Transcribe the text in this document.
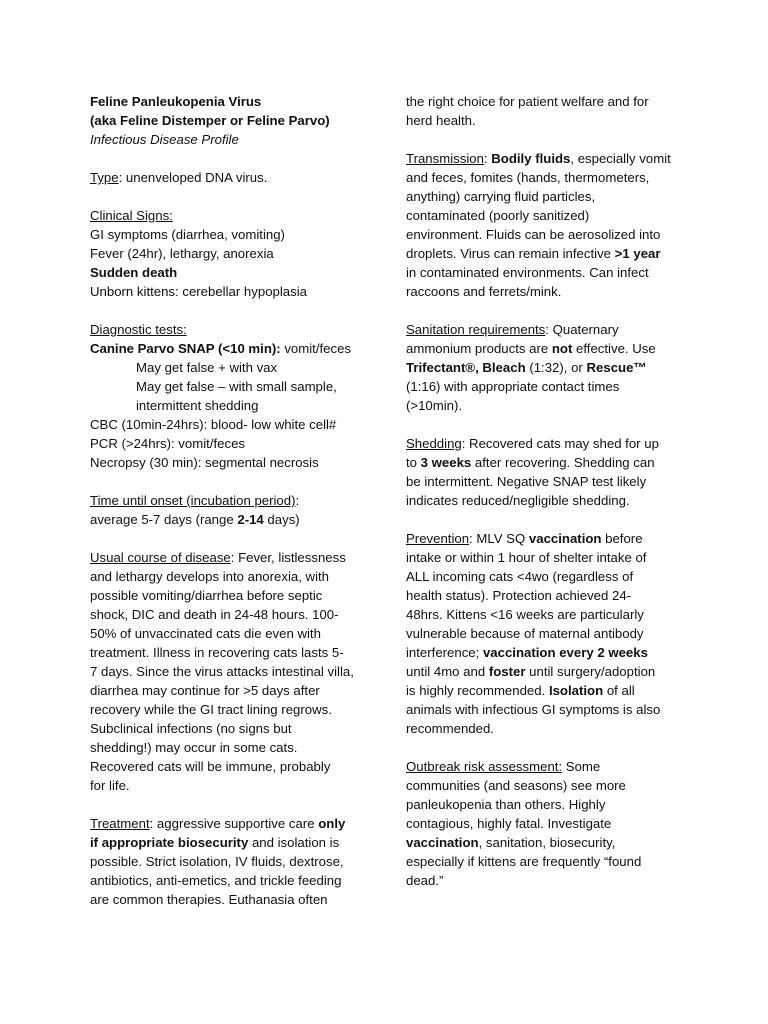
Feline Panleukopenia Virus
(aka Feline Distemper or Feline Parvo)
Infectious Disease Profile
Type: unenveloped DNA virus.
Clinical Signs:
GI symptoms (diarrhea, vomiting)
Fever (24hr), lethargy, anorexia
Sudden death
Unborn kittens: cerebellar hypoplasia
Diagnostic tests:
Canine Parvo SNAP (<10 min): vomit/feces
May get false + with vax
May get false – with small sample,
intermittent shedding
CBC (10min-24hrs): blood- low white cell#
PCR (>24hrs): vomit/feces
Necropsy (30 min): segmental necrosis
Time until onset (incubation period):
average 5-7 days (range 2-14 days)
Usual course of disease: Fever, listlessness
and lethargy develops into anorexia, with
possible vomiting/diarrhea before septic
shock, DIC and death in 24-48 hours. 100-
50% of unvaccinated cats die even with
treatment. Illness in recovering cats lasts 5-
7 days. Since the virus attacks intestinal villa,
diarrhea may continue for >5 days after
recovery while the GI tract lining regrows.
Subclinical infections (no signs but
shedding!) may occur in some cats.
Recovered cats will be immune, probably
for life.
Treatment: aggressive supportive care only
if appropriate biosecurity and isolation is
possible. Strict isolation, IV fluids, dextrose,
antibiotics, anti-emetics, and trickle feeding
are common therapies. Euthanasia often
the right choice for patient welfare and for
herd health.
Transmission: Bodily fluids, especially vomit
and feces, fomites (hands, thermometers,
anything) carrying fluid particles,
contaminated (poorly sanitized)
environment. Fluids can be aerosolized into
droplets. Virus can remain infective >1 year
in contaminated environments. Can infect
raccoons and ferrets/mink.
Sanitation requirements: Quaternary
ammonium products are not effective. Use
Trifectant®, Bleach (1:32), or Rescue™
(1:16) with appropriate contact times
(>10min).
Shedding: Recovered cats may shed for up
to 3 weeks after recovering. Shedding can
be intermittent. Negative SNAP test likely
indicates reduced/negligible shedding.
Prevention: MLV SQ vaccination before
intake or within 1 hour of shelter intake of
ALL incoming cats <4wo (regardless of
health status). Protection achieved 24-
48hrs. Kittens <16 weeks are particularly
vulnerable because of maternal antibody
interference; vaccination every 2 weeks
until 4mo and foster until surgery/adoption
is highly recommended. Isolation of all
animals with infectious GI symptoms is also
recommended.
Outbreak risk assessment: Some
communities (and seasons) see more
panleukopenia than others. Highly
contagious, highly fatal. Investigate
vaccination, sanitation, biosecurity,
especially if kittens are frequently “found
dead.”
